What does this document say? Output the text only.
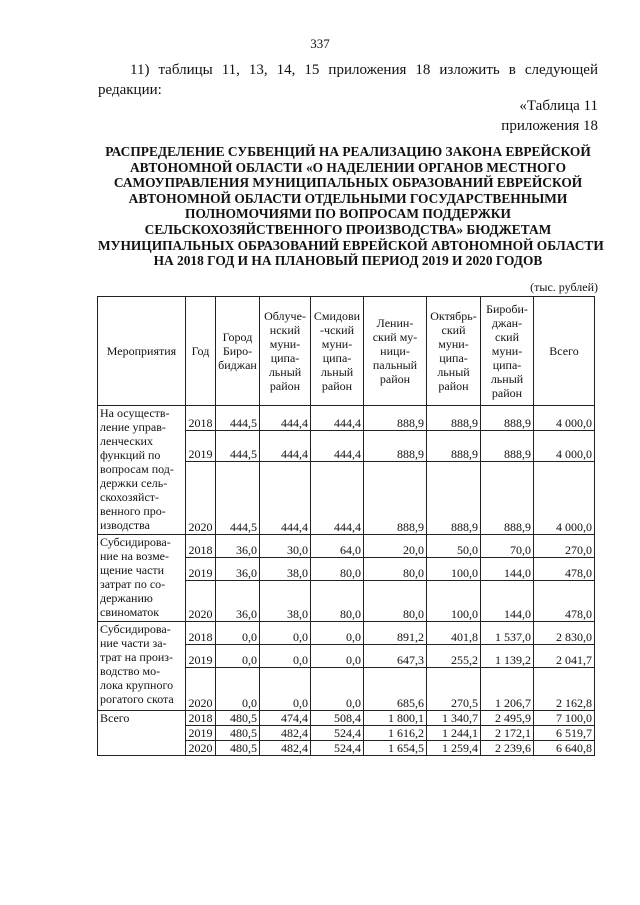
337
11) таблицы 11, 13, 14, 15 приложения 18 изложить в следующей
редакции:
«Таблица 11
приложения 18
РАСПРЕДЕЛЕНИЕ СУБВЕНЦИЙ НА РЕАЛИЗАЦИЮ ЗАКОНА ЕВРЕЙСКОЙ
АВТОНОМНОЙ ОБЛАСТИ «О НАДЕЛЕНИИ ОРГАНОВ МЕСТНОГО
САМОУПРАВЛЕНИЯ МУНИЦИПАЛЬНЫХ ОБРАЗОВАНИЙ ЕВРЕЙСКОЙ
АВТОНОМНОЙ ОБЛАСТИ ОТДЕЛЬНЫМИ ГОСУДАРСТВЕННЫМИ
ПОЛНОМОЧИЯМИ ПО ВОПРОСАМ ПОДДЕРЖКИ
СЕЛЬСКОХОЗЯЙСТВЕННОГО ПРОИЗВОДСТВА» БЮДЖЕТАМ
МУНИЦИПАЛЬНЫХ ОБРАЗОВАНИЙ ЕВРЕЙСКОЙ АВТОНОМНОЙ ОБЛАСТИ
НА 2018 ГОД И НА ПЛАНОВЫЙ ПЕРИОД 2019 И 2020 ГОДОВ
(тыс. рублей)
Мероприятия	Год	Город Биро-биджан	Облуче-нский муни-ципа-льный район	Смидови -чский муни-ципа-льный район	Ленин-ский му-ници-пальный район	Октябрь-ский муни-ципа-льный район	Бироби-джан-ский муни-ципа-льный район	Всего
На осуществ-ление управ-ленческих функций по вопросам под-держки сель-скохозяйст-венного про-изводства	2018	444,5	444,4	444,4	888,9	888,9	888,9	4 000,0
	2019	444,5	444,4	444,4	888,9	888,9	888,9	4 000,0
	2020	444,5	444,4	444,4	888,9	888,9	888,9	4 000,0
Субсидирова-ние на возме-щение части затрат по со-держанию свиноматок	2018	36,0	30,0	64,0	20,0	50,0	70,0	270,0
	2019	36,0	38,0	80,0	80,0	100,0	144,0	478,0
	2020	36,0	38,0	80,0	80,0	100,0	144,0	478,0
Субсидирова-ние части за-трат на произ-водство мо-лока крупного рогатого скота	2018	0,0	0,0	0,0	891,2	401,8	1 537,0	2 830,0
	2019	0,0	0,0	0,0	647,3	255,2	1 139,2	2 041,7
	2020	0,0	0,0	0,0	685,6	270,5	1 206,7	2 162,8
Всего	2018	480,5	474,4	508,4	1 800,1	1 340,7	2 495,9	7 100,0
	2019	480,5	482,4	524,4	1 616,2	1 244,1	2 172,1	6 519,7
	2020	480,5	482,4	524,4	1 654,5	1 259,4	2 239,6	6 640,8
